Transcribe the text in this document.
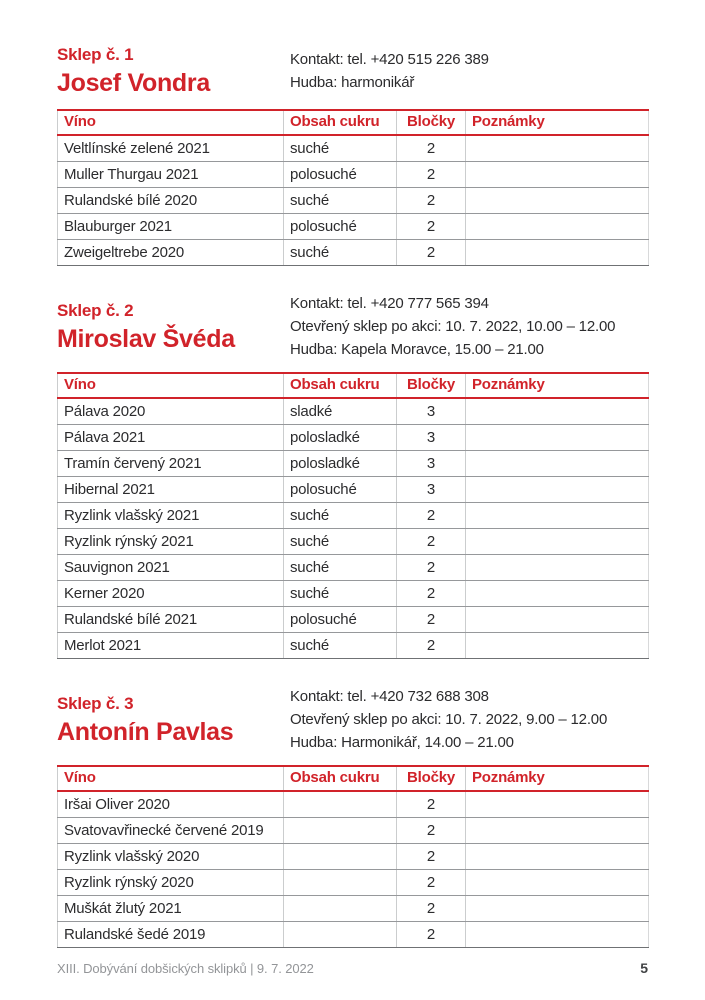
Sklep č. 1
Josef Vondra
Kontakt: tel. +420 515 226 389
Hudba: harmonikář
Víno	Obsah cukru	Bločky	Poznámky
Veltlínské zelené 2021	suché	2	
Muller Thurgau 2021	polosuché	2	
Rulandské bílé 2020	suché	2	
Blauburger 2021	polosuché	2	
Zweigeltrebe 2020	suché	2	
Sklep č. 2
Miroslav Švéda
Kontakt: tel. +420 777 565 394
Otevřený sklep po akci: 10. 7. 2022, 10.00 – 12.00
Hudba: Kapela Moravce, 15.00 – 21.00
Víno	Obsah cukru	Bločky	Poznámky
Pálava 2020	sladké	3	
Pálava 2021	polosladké	3	
Tramín červený 2021	polosladké	3	
Hibernal 2021	polosuché	3	
Ryzlink vlašský 2021	suché	2	
Ryzlink rýnský 2021	suché	2	
Sauvignon 2021	suché	2	
Kerner 2020	suché	2	
Rulandské bílé 2021	polosuché	2	
Merlot 2021	suché	2	
Sklep č. 3
Antonín Pavlas
Kontakt: tel. +420 732 688 308
Otevřený sklep po akci: 10. 7. 2022, 9.00 – 12.00
Hudba: Harmonikář, 14.00 – 21.00
Víno	Obsah cukru	Bločky	Poznámky
Iršai Oliver 2020		2	
Svatovavřinecké červené 2019		2	
Ryzlink vlašský 2020		2	
Ryzlink rýnský 2020		2	
Muškát žlutý 2021		2	
Rulandské šedé 2019		2	
XIII. Dobývání dobšických sklipků | 9. 7. 2022	5
